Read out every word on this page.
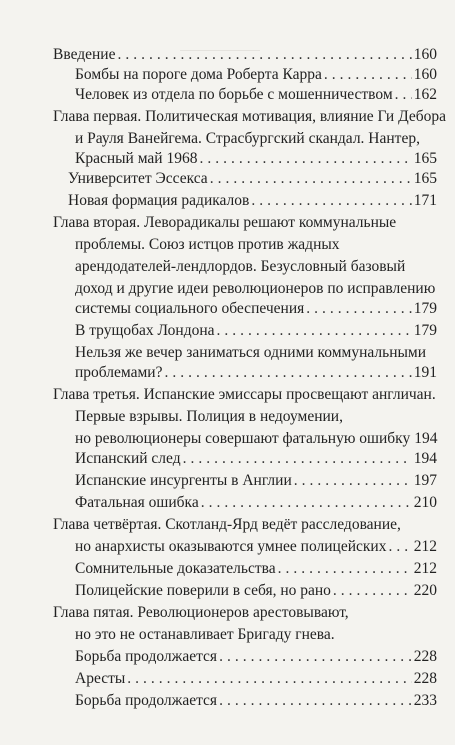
Введение .....	160
Бомбы на пороге дома Роберта Карра .....	160
Человек из отдела по борьбе с мошенничеством ..... 162
Глава первая. Политическая мотивация, влияние Ги Дебора
и Рауля Ванейгема. Страсбургский скандал. Нантер,
Красный май 1968 .....	165
Университет Эссекса .....	165
Новая формация радикалов .....	171
Глава вторая. Леворадикалы решают коммунальные
проблемы. Союз истцов против жадных
арендодателей-лендлордов. Безусловный базовый
доход и другие идеи революционеров по исправлению
системы социального обеспечения .....	179
В трущобах Лондона .....	179
Нельзя же вечер заниматься одними коммунальными
проблемами? .....	191
Глава третья. Испанские эмиссары просвещают англичан.
Первые взрывы. Полиция в недоумении,
но революционеры совершают фатальную ошибку 194
Испанский след .....	194
Испанские инсургенты в Англии .....	197
Фатальная ошибка .....	210
Глава четвёртая. Скотланд-Ярд ведёт расследование,
но анархисты оказываются умнее полицейских ..... 212
Сомнительные доказательства .....	212
Полицейские поверили в себя, но рано .....	220
Глава пятая. Революционеров арестовывают,
но это не останавливает Бригаду гнева.
Борьба продолжается .....	228
Аресты .....	228
Борьба продолжается .....	233
